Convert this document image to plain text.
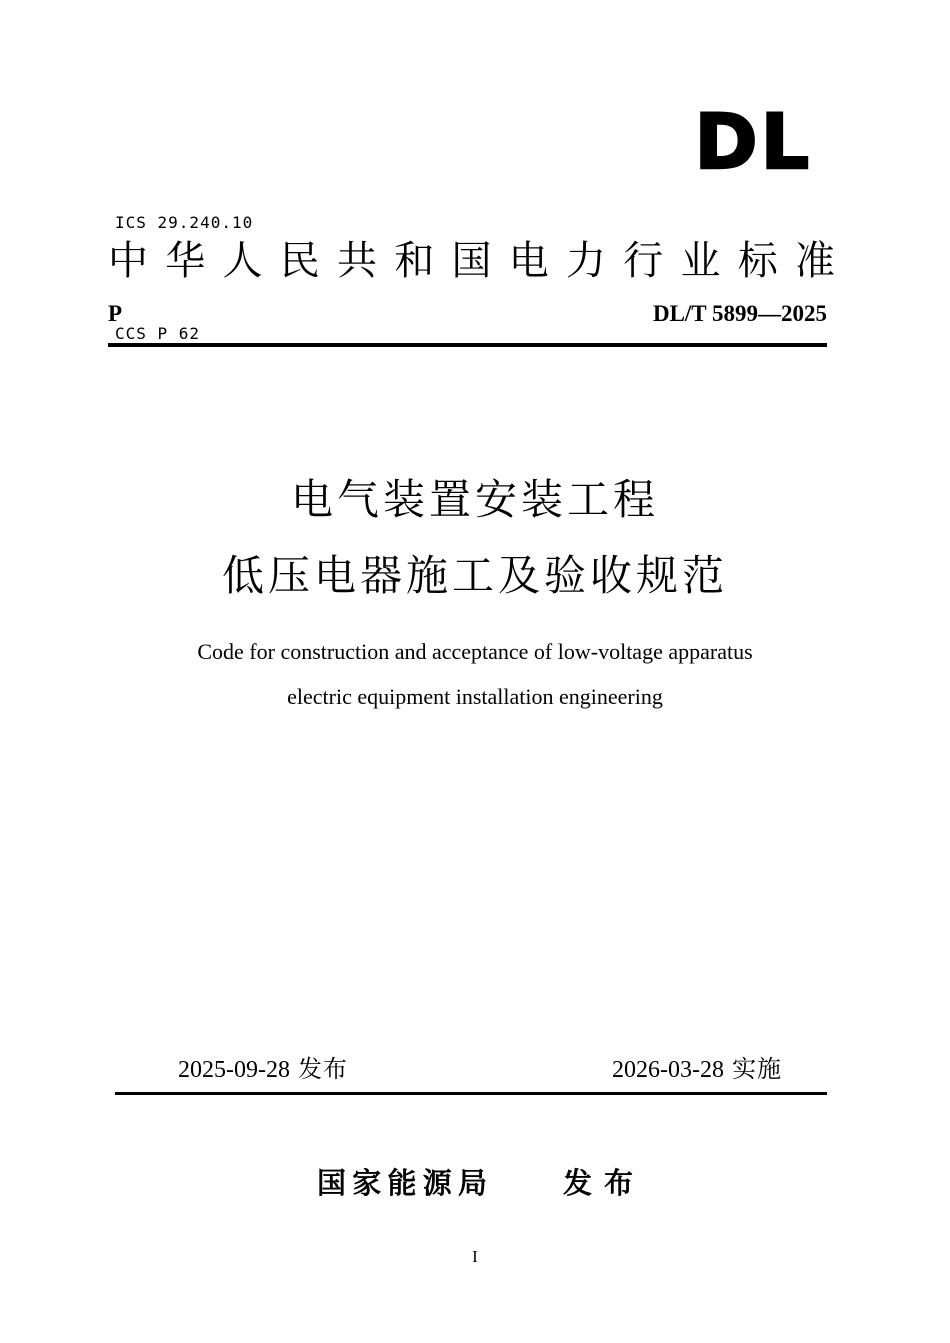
ICS 29.240.10

CCS P 62

DL
中 华 人 民 共 和 国 电 力 行 业 标 准
P	DL/T 5899—2025
电气装置安装工程
低压电器施工及验收规范
Code for construction and acceptance of low-voltage apparatus
electric equipment installation engineering
2025-09-28 发布	2026-03-28 实施
国 家 能 源 局	发 布
I
